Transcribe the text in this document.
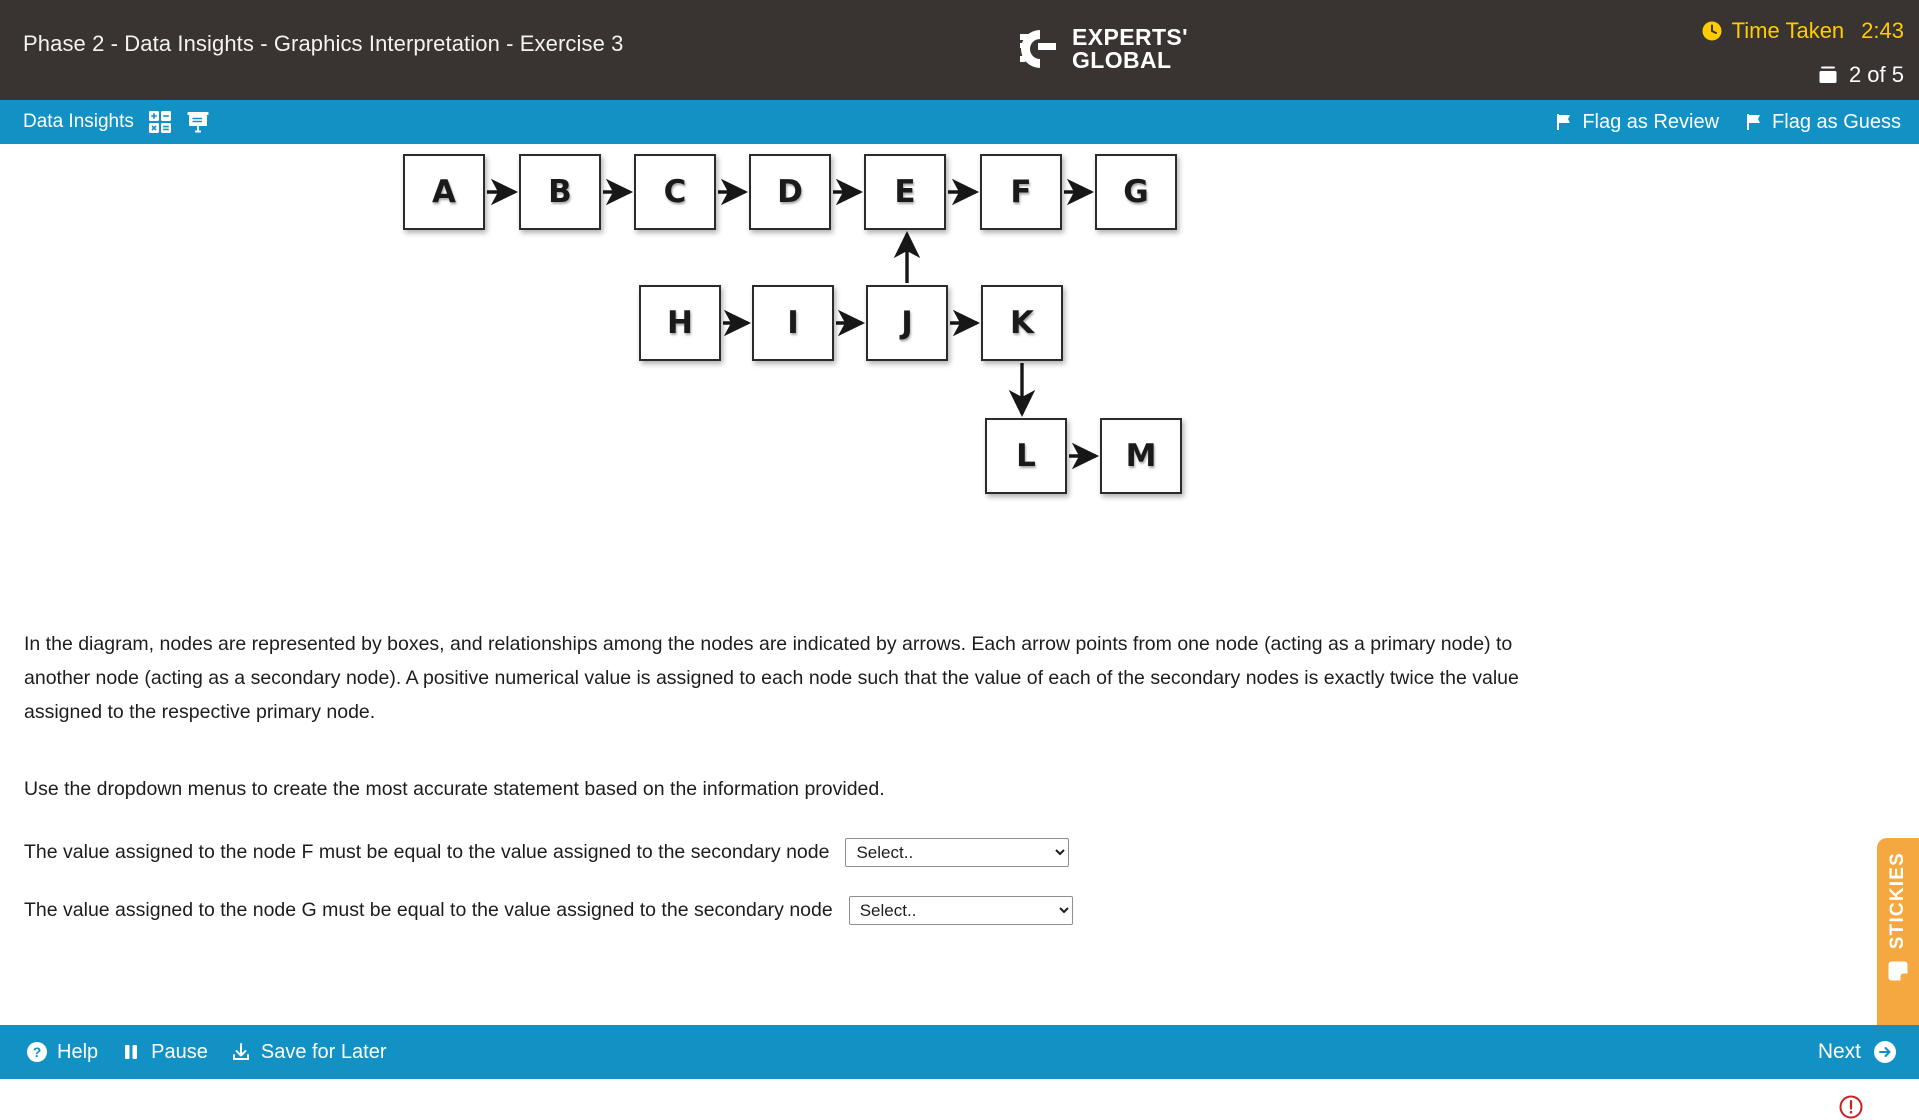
Phase 2 - Data Insights - Graphics Interpretation - Exercise 3	EXPERTS'
GLOBAL
Time Taken 2:43
2 of 5
Data Insights	Flag as Review	Flag as Guess
A	B	C	D	E	F	G
H	I	J	K
L	M
In the diagram, nodes are represented by boxes, and relationships among the nodes are indicated by arrows. Each arrow points from one node (acting as a primary node) to another node (acting as a secondary node). A positive numerical value is assigned to each node such that the value of each of the secondary nodes is exactly twice the value assigned to the respective primary node.
Use the dropdown menus to create the most accurate statement based on the information provided.
The value assigned to the node F must be equal to the value assigned to the secondary node
Select..
The value assigned to the node G must be equal to the value assigned to the secondary node
Select..	STICKIES
? Help	Pause	Save for Later	Next
